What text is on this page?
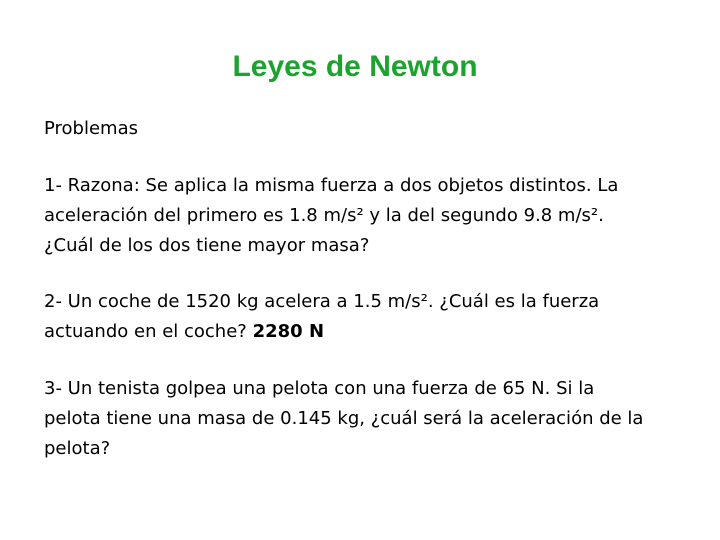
Leyes de Newton

Problemas

1- Razona: Se aplica la misma fuerza a dos objetos distintos. La
aceleración del primero es 1.8 m/s² y la del segundo 9.8 m/s².
¿Cuál de los dos tiene mayor masa?
2- Un coche de 1520 kg acelera a 1.5 m/s². ¿Cuál es la fuerza
actuando en el coche? 2280 N
3- Un tenista golpea una pelota con una fuerza de 65 N. Si la
pelota tiene una masa de 0.145 kg, ¿cuál será la aceleración de la
pelota?
